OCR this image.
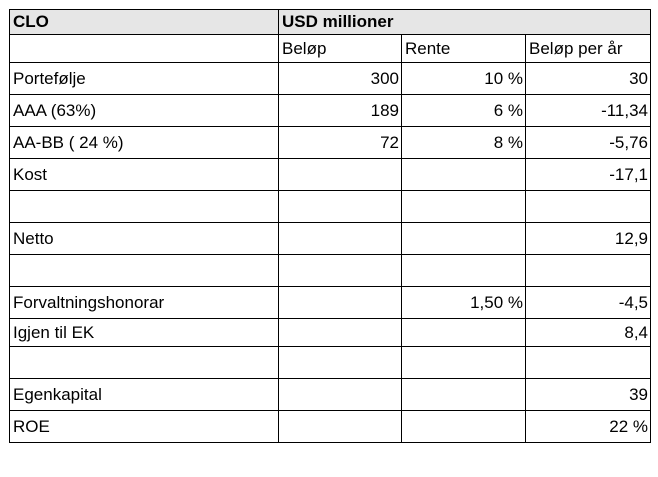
CLO	USD millioner		
	Beløp	Rente	Beløp per år
Portefølje	300	10 %	30
AAA (63%)	189	6 %	-11,34
AA-BB ( 24 %)	72	8 %	-5,76
Kost			-17,1

Netto			12,9

Forvaltningshonorar		1,50 %	-4,5
Igjen til EK			8,4

Egenkapital			39
ROE			22 %
